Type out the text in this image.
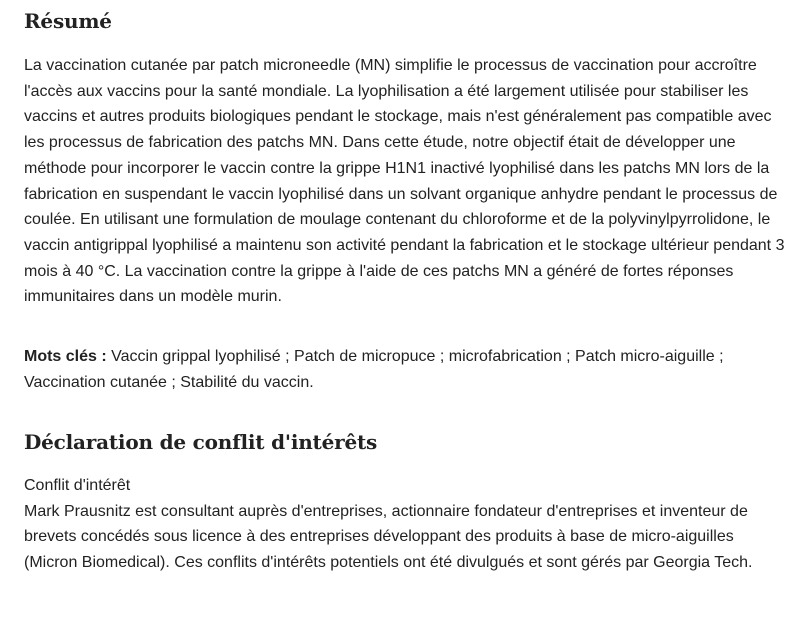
Résumé

La vaccination cutanée par patch microneedle (MN) simplifie le processus de vaccination pour accroître l'accès aux vaccins pour la santé mondiale. La lyophilisation a été largement utilisée pour stabiliser les vaccins et autres produits biologiques pendant le stockage, mais n'est généralement pas compatible avec les processus de fabrication des patchs MN. Dans cette étude, notre objectif était de développer une méthode pour incorporer le vaccin contre la grippe H1N1 inactivé lyophilisé dans les patchs MN lors de la fabrication en suspendant le vaccin lyophilisé dans un solvant organique anhydre pendant le processus de coulée. En utilisant une formulation de moulage contenant du chloroforme et de la polyvinylpyrrolidone, le vaccin antigrippal lyophilisé a maintenu son activité pendant la fabrication et le stockage ultérieur pendant 3 mois à 40 °C. La vaccination contre la grippe à l'aide de ces patchs MN a généré de fortes réponses immunitaires dans un modèle murin.

Mots clés : Vaccin grippal lyophilisé ; Patch de micropuce ; microfabrication ; Patch micro-aiguille ; Vaccination cutanée ; Stabilité du vaccin.

Déclaration de conflit d'intérêts
Conflit d'intérêt
Mark Prausnitz est consultant auprès d'entreprises, actionnaire fondateur d'entreprises et inventeur de brevets concédés sous licence à des entreprises développant des produits à base de micro-aiguilles (Micron Biomedical). Ces conflits d'intérêts potentiels ont été divulgués et sont gérés par Georgia Tech.
